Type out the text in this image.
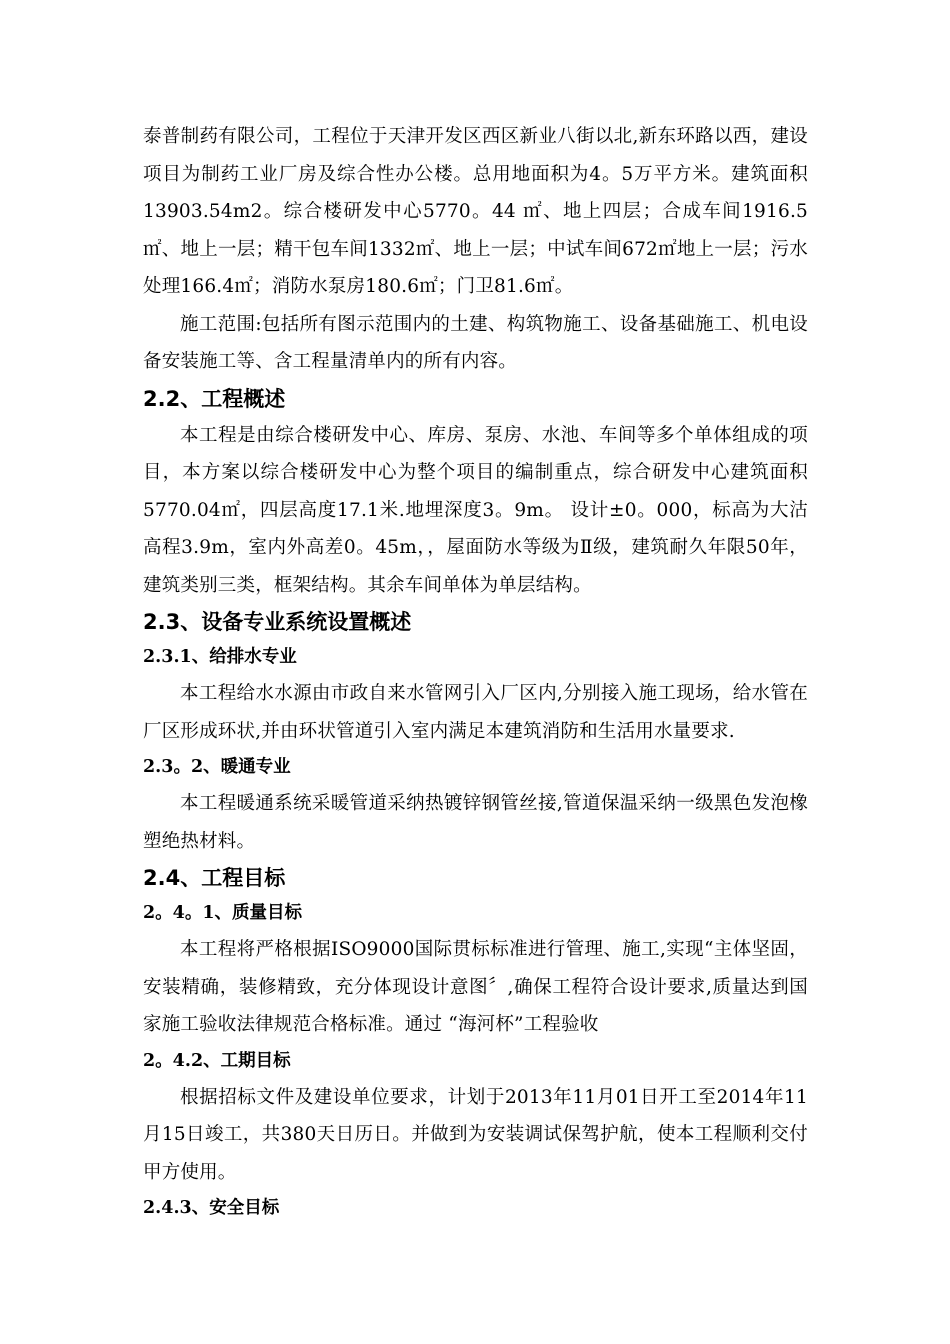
泰普制药有限公司，工程位于天津开发区西区新业八街以北,新东环路以西，建设项目为制药工业厂房及综合性办公楼。总用地面积为4。5万平方米。建筑面积13903.54m2。综合楼研发中心5770。44 ㎡、地上四层；合成车间1916.5㎡、地上一层；精干包车间1332㎡、地上一层；中试车间672㎡地上一层；污水处理166.4㎡；消防水泵房180.6㎡；门卫81.6㎡。

施工范围:包括所有图示范围内的土建、构筑物施工、设备基础施工、机电设备安装施工等、含工程量清单内的所有内容。

2.2、工程概述

本工程是由综合楼研发中心、库房、泵房、水池、车间等多个单体组成的项目，本方案以综合楼研发中心为整个项目的编制重点，综合研发中心建筑面积5770.04㎡，四层高度17.1米.地埋深度3。9m。 设计±0。000，标高为大沽高程3.9m，室内外高差0。45m，，屋面防水等级为Ⅱ级，建筑耐久年限50年，建筑类别三类，框架结构。其余车间单体为单层结构。

2.3、设备专业系统设置概述
2.3.1、给排水专业

本工程给水水源由市政自来水管网引入厂区内,分别接入施工现场，给水管在厂区形成环状,并由环状管道引入室内满足本建筑消防和生活用水量要求.

2.3。2、暖通专业

本工程暖通系统采暖管道采纳热镀锌钢管丝接,管道保温采纳一级黑色发泡橡塑绝热材料。

2.4、工程目标
2。4。1、质量目标

本工程将严格根据ISO9000国际贯标标准进行管理、施工,实现“主体坚固，安装精确，装修精致，充分体现设计意图〞,确保工程符合设计要求,质量达到国家施工验收法律规范合格标准。通过 “海河杯”工程验收

2。4.2、工期目标

根据招标文件及建设单位要求，计划于2013年11月01日开工至2014年11月15日竣工，共380天日历日。并做到为安装调试保驾护航，使本工程顺利交付甲方使用。

2.4.3、安全目标
